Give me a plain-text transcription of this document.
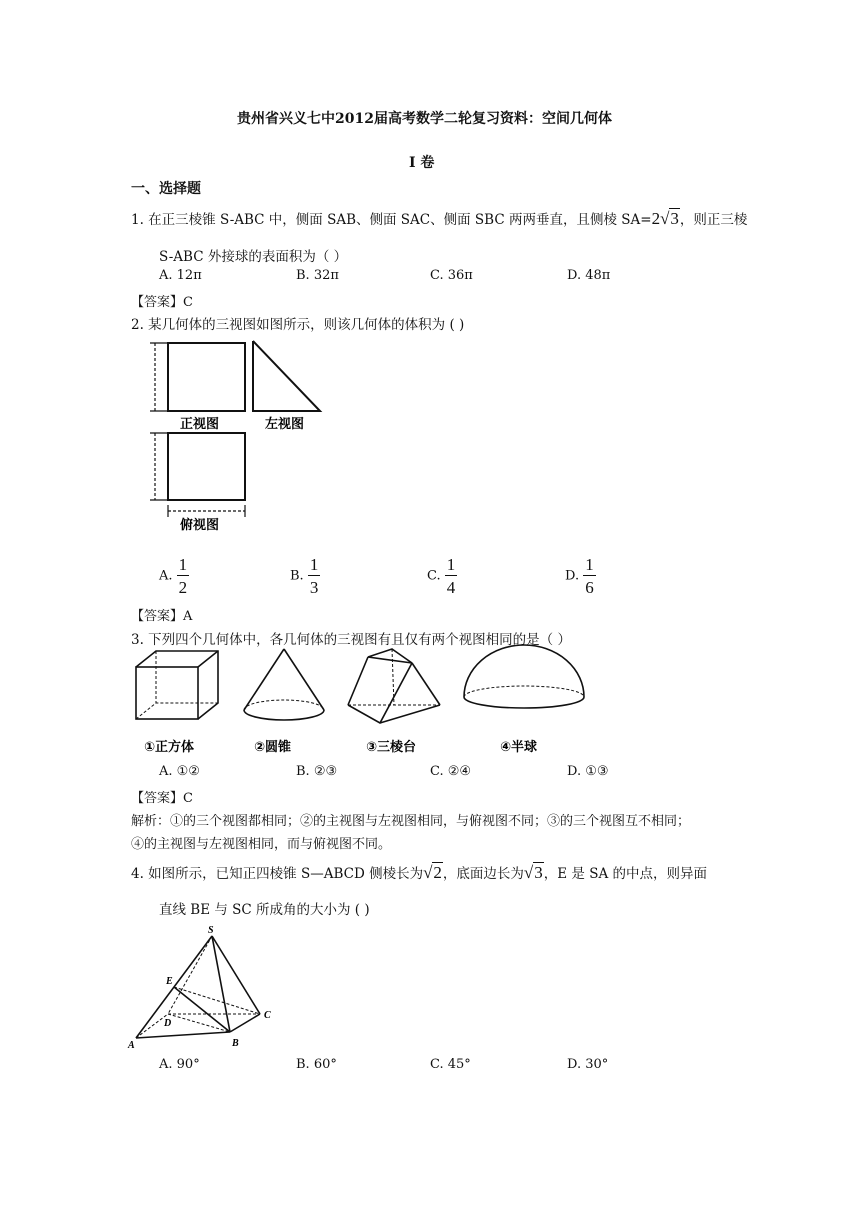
贵州省兴义七中2012届高考数学二轮复习资料：空间几何体
I 卷
一、选择题
1. 在正三棱锥 S-ABC 中，侧面 SAB、侧面 SAC、侧面 SBC 两两垂直，且侧棱 SA=2√3，则正三棱
S-ABC 外接球的表面积为（ ）
A. 12π	B. 32π	C. 36π	D. 48π
【答案】C
2. 某几何体的三视图如图所示，则该几何体的体积为 ( )
正视图	左视图
俯视图
A. $\frac{1}{2}$	B. $\frac{1}{3}$	C. $\frac{1}{4}$	D. $\frac{1}{6}$
【答案】A
3. 下列四个几何体中，各几何体的三视图有且仅有两个视图相同的是（ ）
①正方体	②圆锥	③三棱台	④半球
A. ①②	B. ②③	C. ②④	D. ①③
【答案】C
解析：①的三个视图都相同；②的主视图与左视图相同，与俯视图不同；③的三个视图互不相同；
④的主视图与左视图相同，而与俯视图不同。
4. 如图所示，已知正四棱锥 S—ABCD 侧棱长为√2，底面边长为√3，E 是 SA 的中点，则异面
直线 BE 与 SC 所成角的大小为 ( )
S
E
D
C
A	B
A. 90°	B. 60°	C. 45°	D. 30°
